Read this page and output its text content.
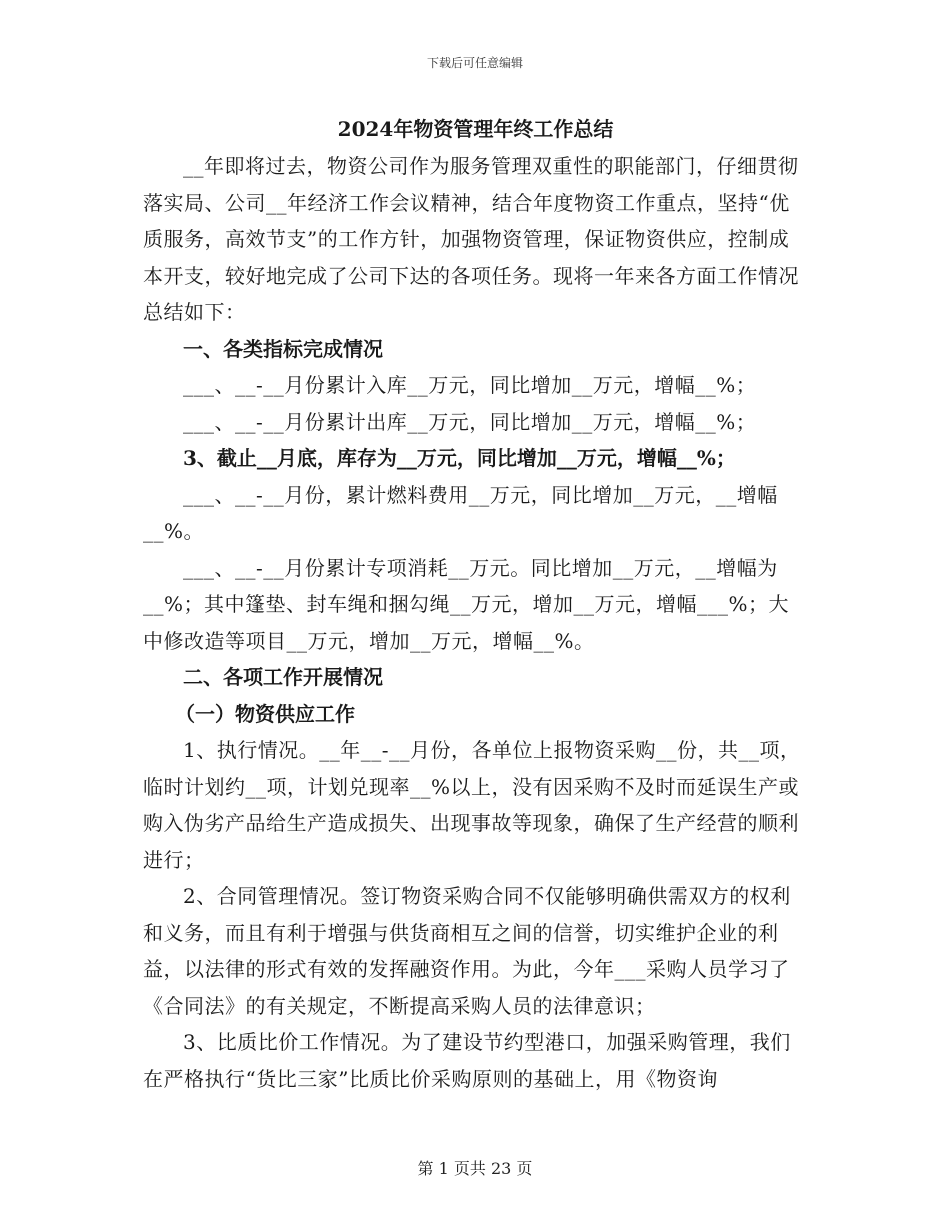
下载后可任意编辑
2024年物资管理年终工作总结
__年即将过去，物资公司作为服务管理双重性的职能部门，仔细贯彻落实局、公司__年经济工作会议精神，结合年度物资工作重点，坚持“优质服务，高效节支”的工作方针，加强物资管理，保证物资供应，控制成本开支，较好地完成了公司下达的各项任务。现将一年来各方面工作情况总结如下：
一、各类指标完成情况
___、__-__月份累计入库__万元，同比增加__万元，增幅__%；
___、__-__月份累计出库__万元，同比增加__万元，增幅__%；
3、截止__月底，库存为__万元，同比增加__万元，增幅__%；
___、__-__月份，累计燃料费用__万元，同比增加__万元，__增幅__%。
___、__-__月份累计专项消耗__万元。同比增加__万元，__增幅为__%；其中篷垫、封车绳和捆勾绳__万元，增加__万元，增幅___%；大中修改造等项目__万元，增加__万元，增幅__%。
二、各项工作开展情况
（一）物资供应工作
1、执行情况。__年__-__月份，各单位上报物资采购__份，共__项，临时计划约__项，计划兑现率__%以上，没有因采购不及时而延误生产或购入伪劣产品给生产造成损失、出现事故等现象，确保了生产经营的顺利进行；
2、合同管理情况。签订物资采购合同不仅能够明确供需双方的权利和义务，而且有利于增强与供货商相互之间的信誉，切实维护企业的利益，以法律的形式有效的发挥融资作用。为此，今年___采购人员学习了《合同法》的有关规定，不断提高采购人员的法律意识；
3、比质比价工作情况。为了建设节约型港口，加强采购管理，我们在严格执行“货比三家”比质比价采购原则的基础上，用《物资询
第 1 页共 23 页
